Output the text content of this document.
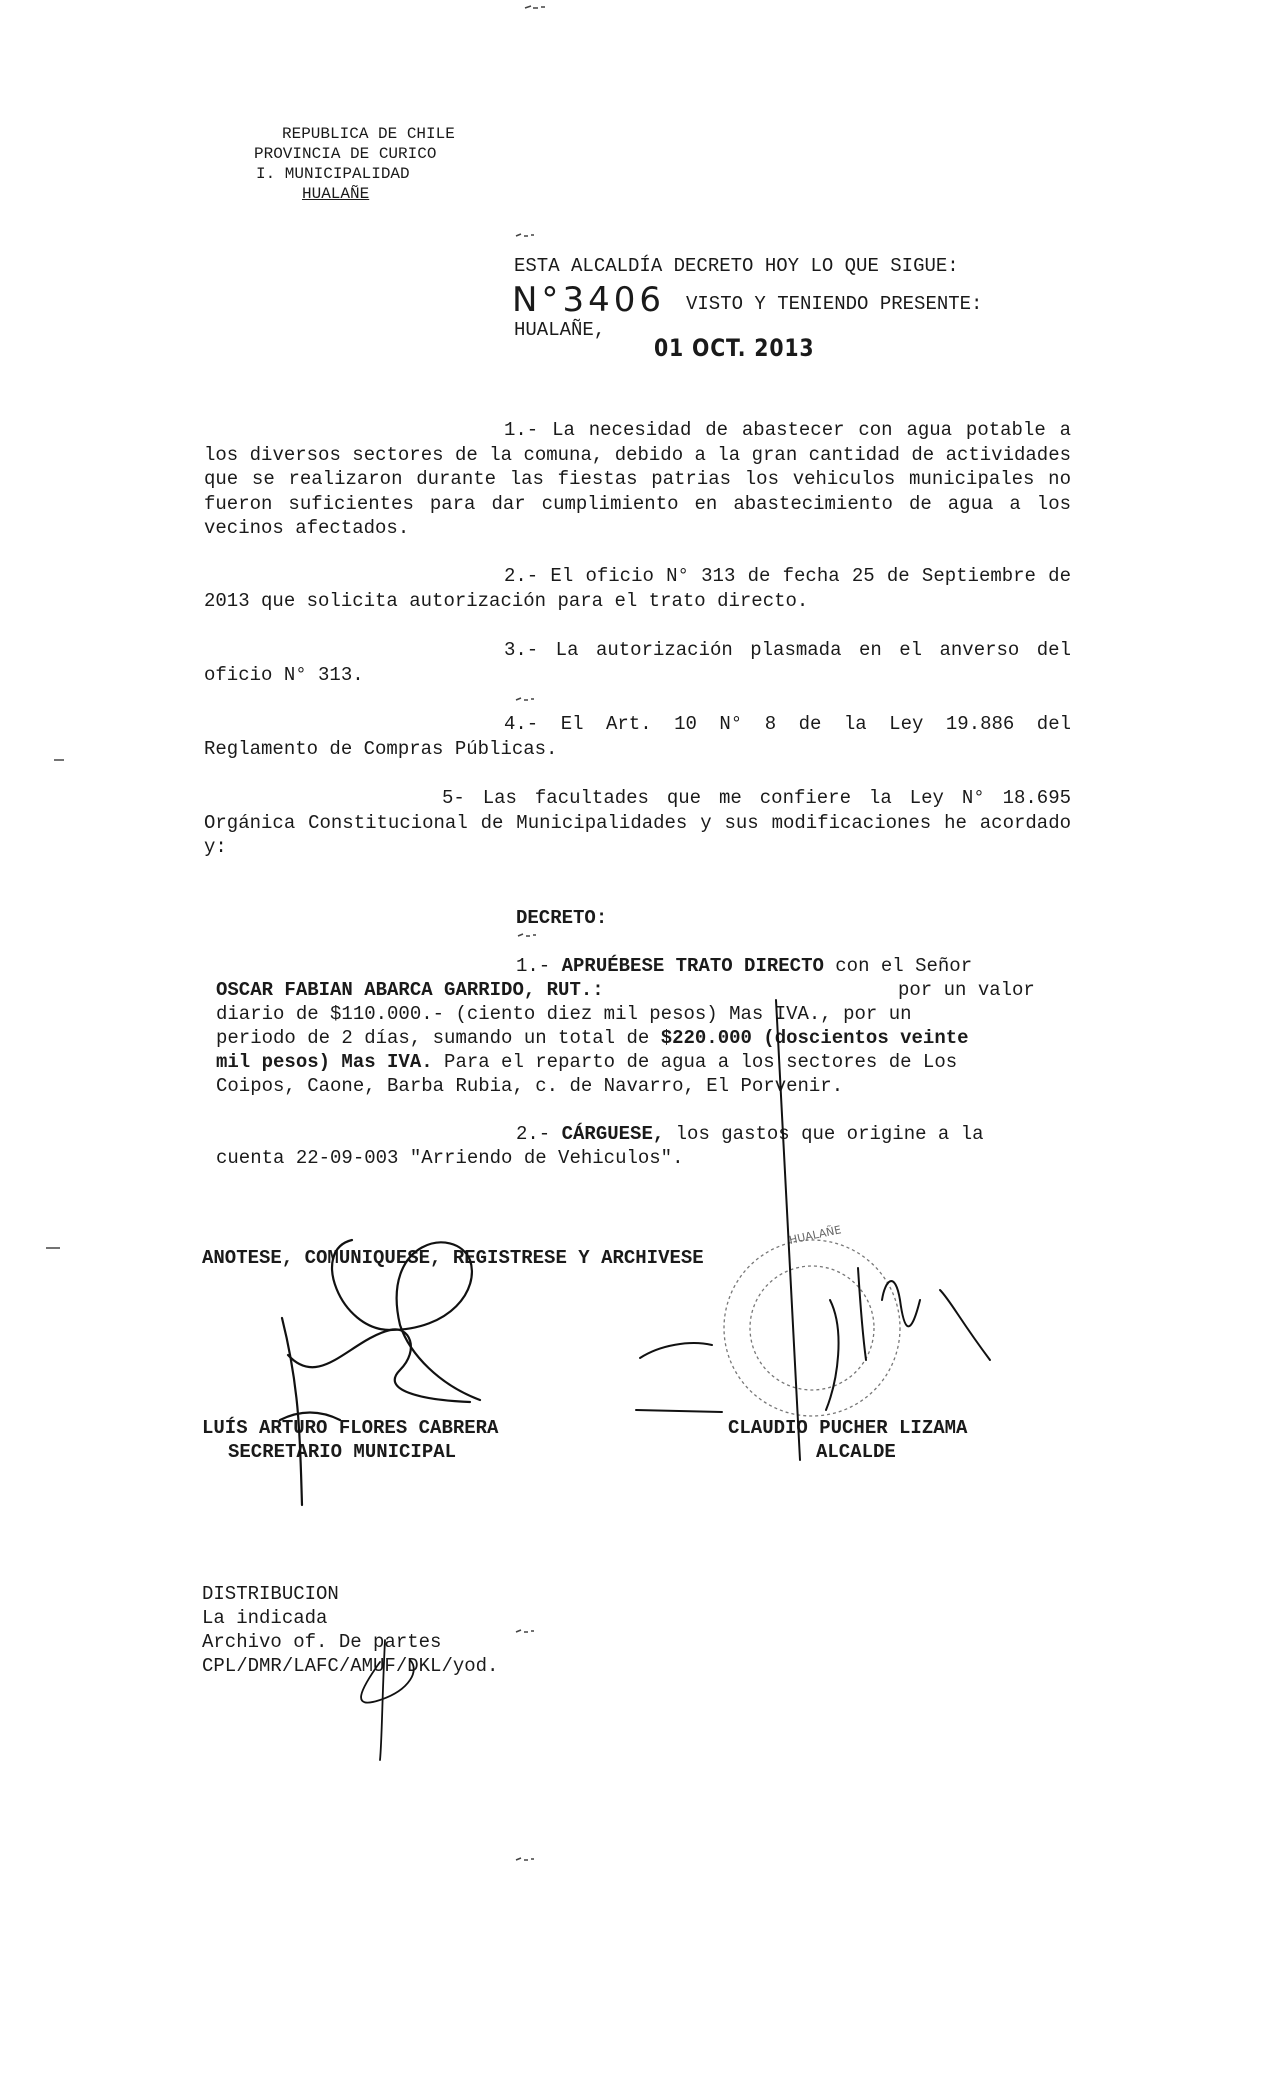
REPUBLICA DE CHILE
PROVINCIA DE CURICO
I. MUNICIPALIDAD
HUALAÑE
ESTA ALCALDÍA DECRETO HOY LO QUE SIGUE:
N°3406 VISTO Y TENIENDO PRESENTE:
HUALAÑE,
01 OCT. 2013
1.- La necesidad de abastecer con agua potable a los diversos sectores de la comuna, debido a la gran cantidad de actividades que se realizaron durante las fiestas patrias los vehiculos municipales no fueron suficientes para dar cumplimiento en abastecimiento de agua a los vecinos afectados.
2.- El oficio N° 313 de fecha 25 de Septiembre de 2013 que solicita autorización para el trato directo.
3.- La autorización plasmada en el anverso del oficio N° 313.
4.- El Art. 10 N° 8 de la Ley 19.886 del Reglamento de Compras Públicas.
5- Las facultades que me confiere la Ley N° 18.695 Orgánica Constitucional de Municipalidades y sus modificaciones he acordado y:
DECRETO:
1.- APRUÉBESE TRATO DIRECTO con el Señor
OSCAR FABIAN ABARCA GARRIDO, RUT.:	por un valor
diario de $110.000.- (ciento diez mil pesos) Mas IVA., por un
periodo de 2 días, sumando un total de $220.000 (doscientos veinte
mil pesos) Mas IVA. Para el reparto de agua a los sectores de Los
Coipos, Caone, Barba Rubia, c. de Navarro, El Porvenir.
2.- CÁRGUESE, los gastos que origine a la
cuenta 22-09-003 "Arriendo de Vehiculos".
ANOTESE, COMUNIQUESE, REGISTRESE Y ARCHIVESE
LUÍS ARTURO FLORES CABRERA
SECRETARIO MUNICIPAL
CLAUDIO PUCHER LIZAMA
ALCALDE
DISTRIBUCION
La indicada
Archivo of. De partes
CPL/DMR/LAFC/AMUF/DKL/yod.
HUALAÑE
